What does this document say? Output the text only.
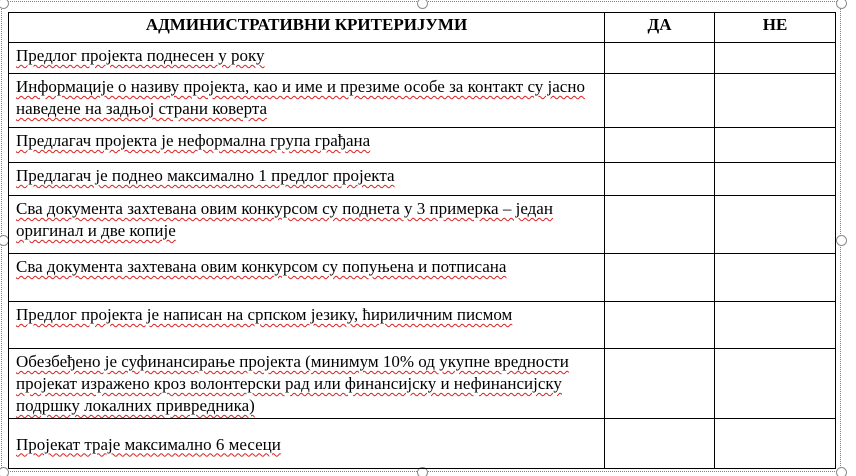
АДМИНИСТРАТИВНИ КРИТЕРИЈУМИ	ДА	НЕ

Предлог пројекта поднесен у року		

Информације о називу пројекта, као и име и презиме особе за контакт су јасно наведене на задњој страни коверта		

Предлагач пројекта је неформална група грађана		

Предлагач је поднео максимално 1 предлог пројекта		

Сва документа захтевана овим конкурсом су поднета у 3 примерка – један оригинал и две копије		

Сва документа захтевана овим конкурсом су попуњена и потписана		

Предлог пројекта је написан на српском језику, ћириличним писмом		

Обезбеђено је суфинансирање пројекта (минимум 10% од укупне вредности пројекат изражено кроз волонтерски рад или финансијску и нефинансијску подршку локалних привредника)		

Пројекат траје максимално 6 месеци		
